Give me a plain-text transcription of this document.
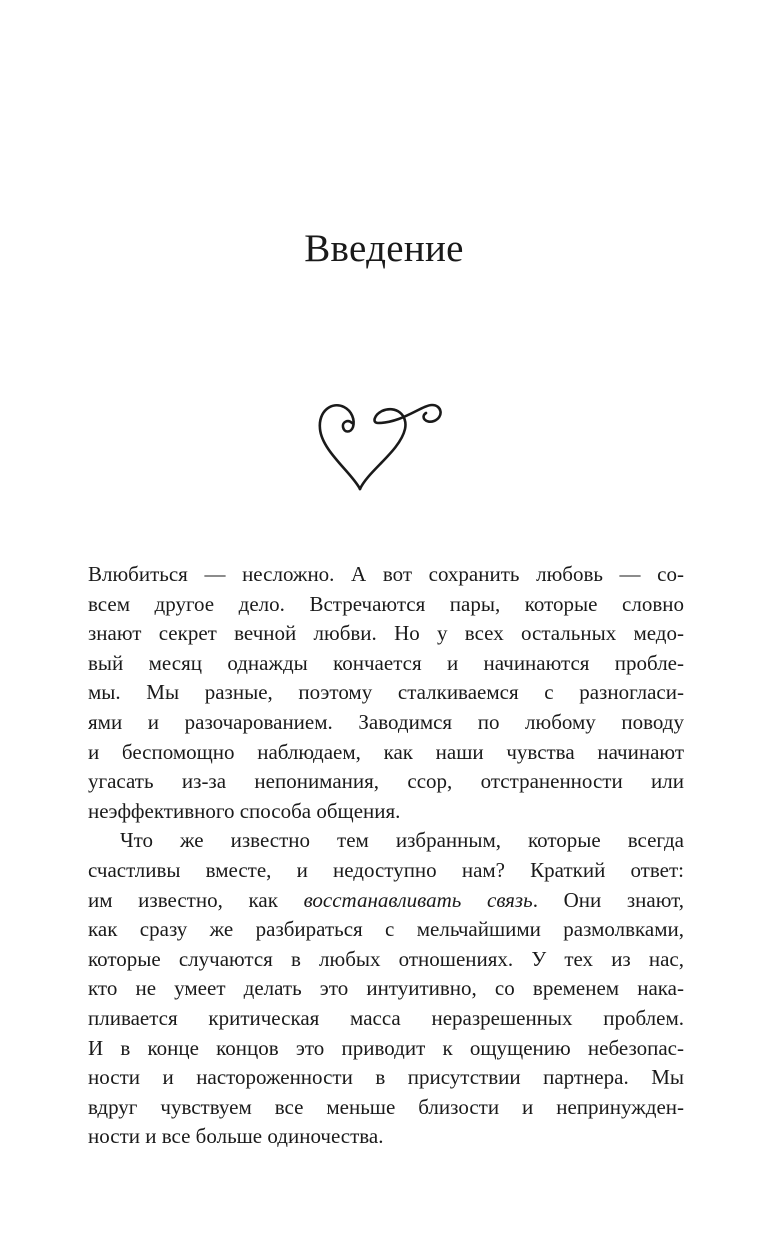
Введение
Влюбиться — несложно. А вот сохранить любовь — со-
всем другое дело. Встречаются пары, которые словно
знают секрет вечной любви. Но у всех остальных медо-
вый месяц однажды кончается и начинаются пробле-
мы. Мы разные, поэтому сталкиваемся с разногласи-
ями и разочарованием. Заводимся по любому поводу
и беспомощно наблюдаем, как наши чувства начинают
угасать из-за непонимания, ссор, отстраненности или
неэффективного способа общения.
Что же известно тем избранным, которые всегда
счастливы вместе, и недоступно нам? Краткий ответ:
им известно, как восстанавливать связь. Они знают,
как сразу же разбираться с мельчайшими размолвками,
которые случаются в любых отношениях. У тех из нас,
кто не умеет делать это интуитивно, со временем нака-
пливается критическая масса неразрешенных проблем.
И в конце концов это приводит к ощущению небезопас-
ности и настороженности в присутствии партнера. Мы
вдруг чувствуем все меньше близости и непринужден-
ности и все больше одиночества.
